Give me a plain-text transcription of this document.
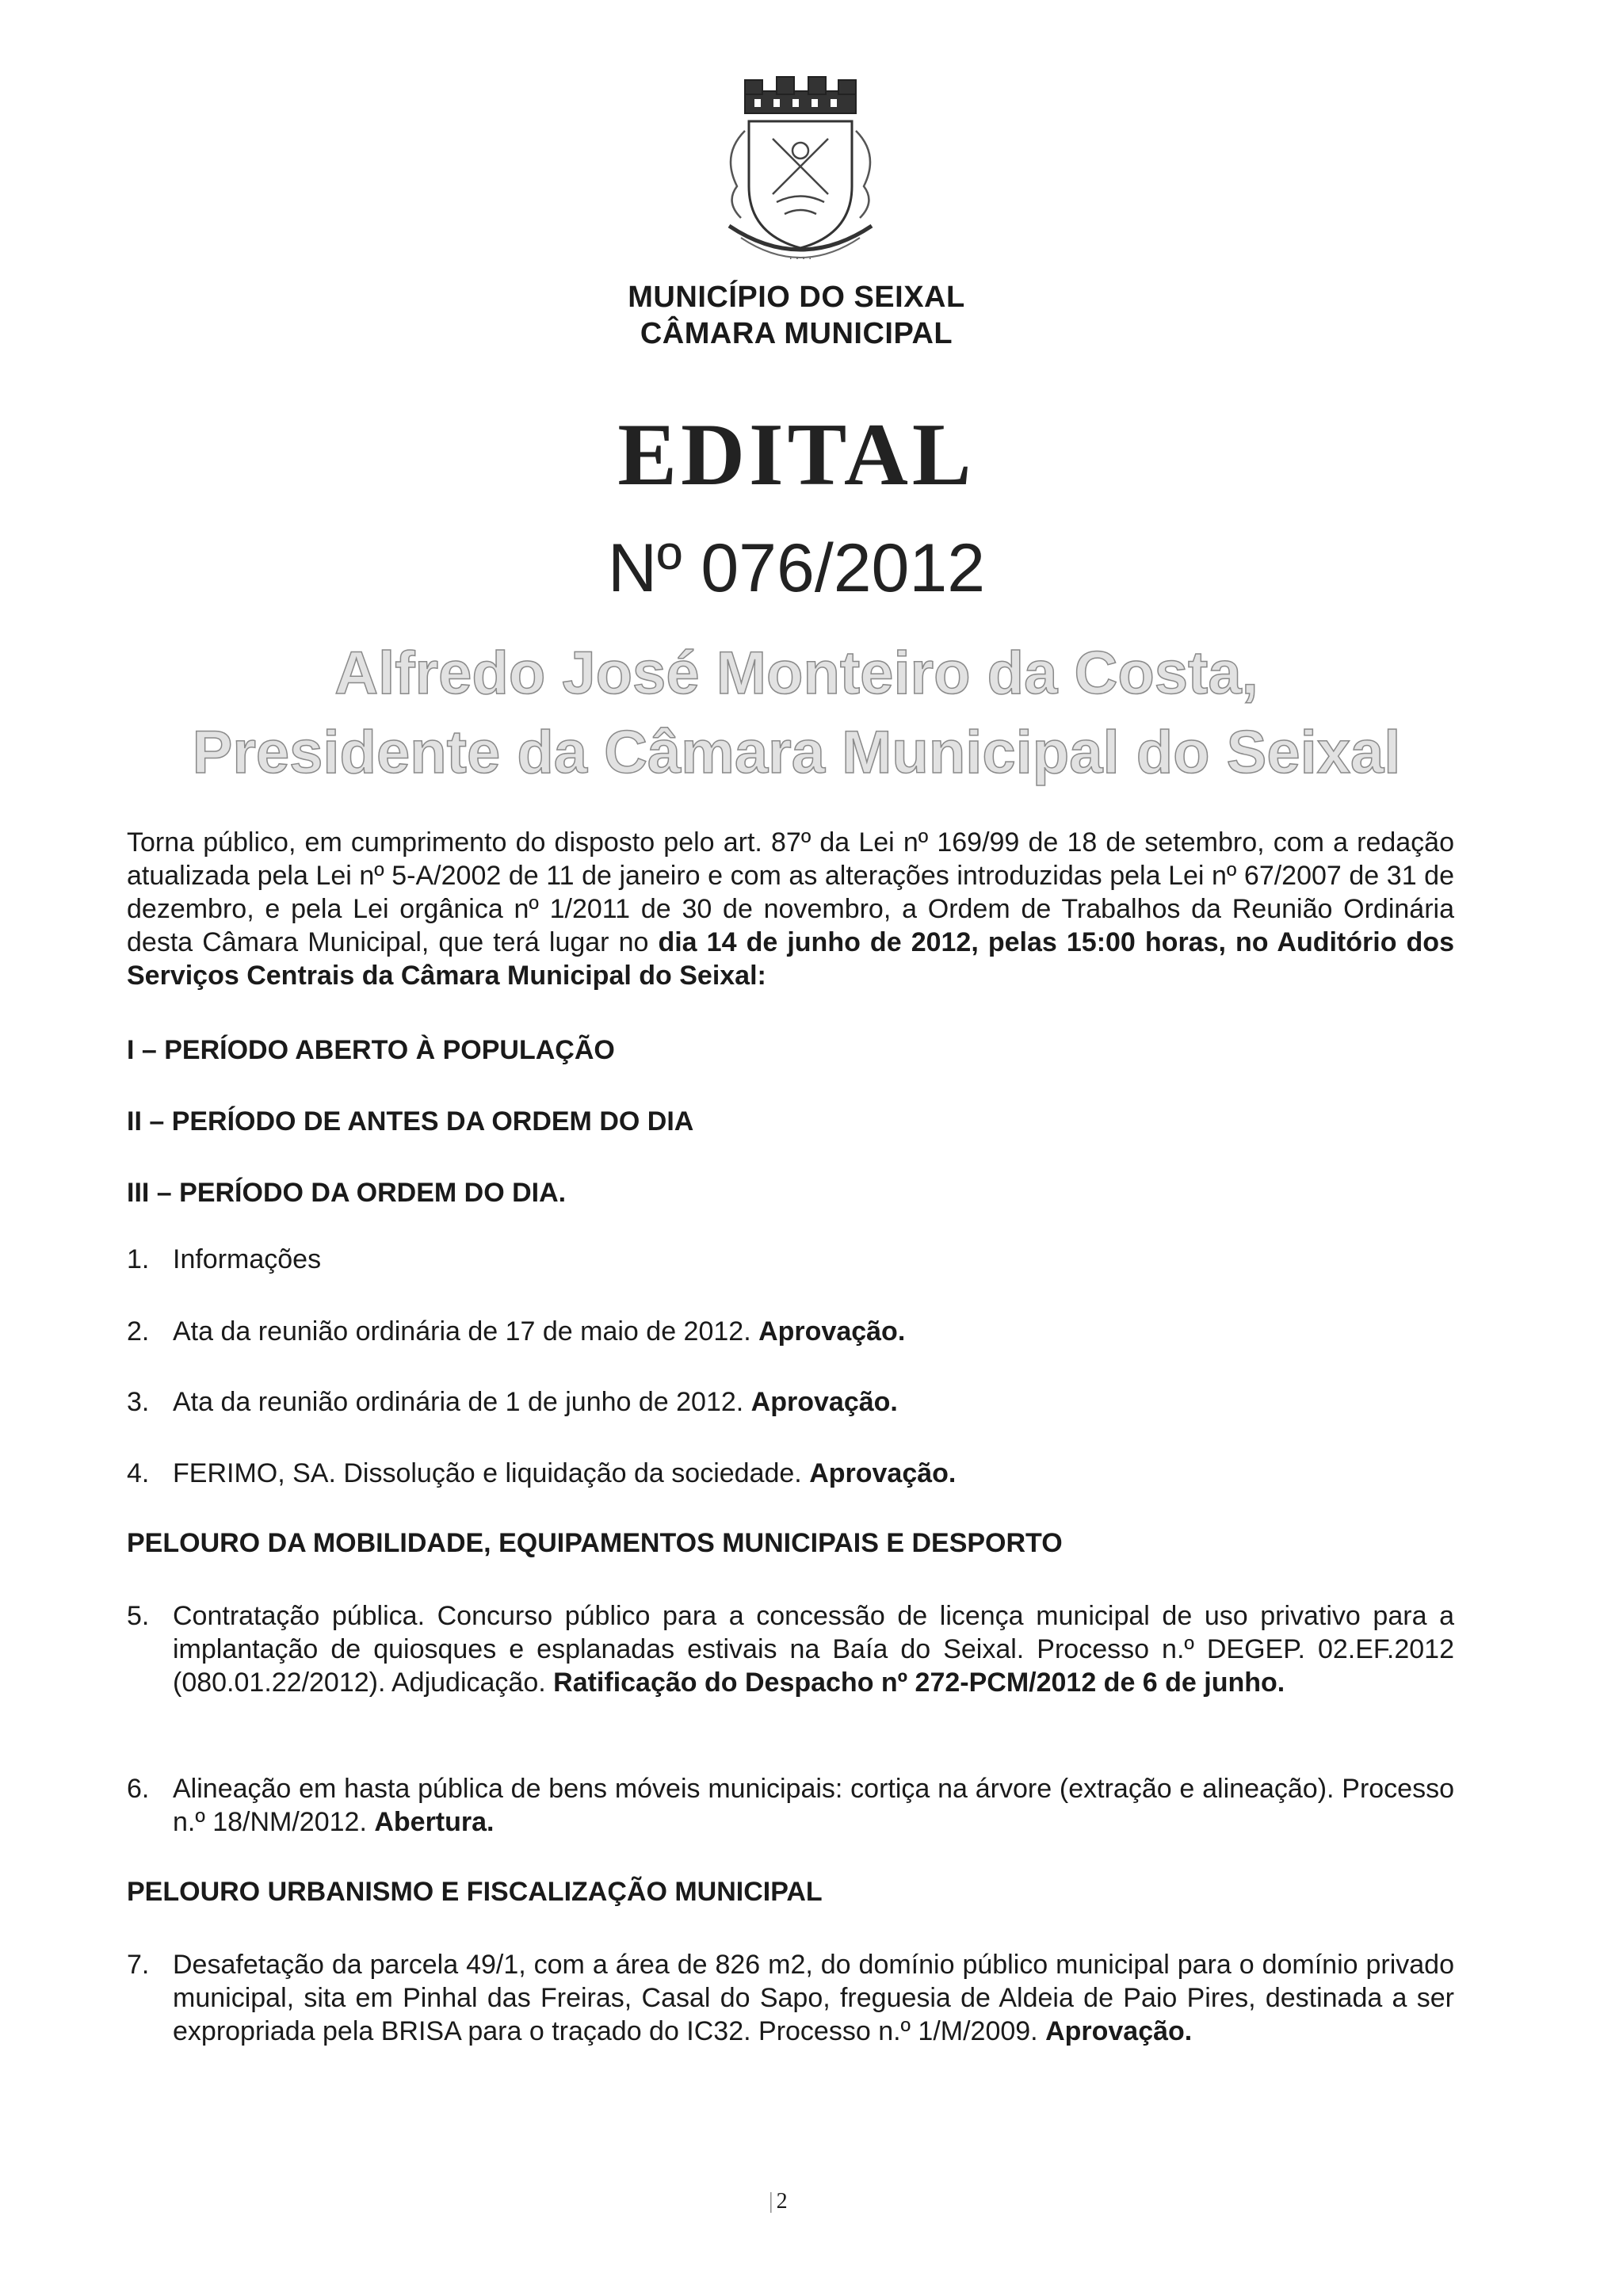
· · · ·
MUNICÍPIO DO SEIXAL
CÂMARA MUNICIPAL
EDITAL
Nº 076/2012
Alfredo José Monteiro da Costa,
Presidente da Câmara Municipal do Seixal
Torna público, em cumprimento do disposto pelo art. 87º da Lei nº 169/99 de 18 de setembro, com a redação atualizada pela Lei nº 5-A/2002 de 11 de janeiro e com as alterações introduzidas pela Lei nº 67/2007 de 31 de dezembro, e pela Lei orgânica nº 1/2011 de 30 de novembro, a Ordem de Trabalhos da Reunião Ordinária desta Câmara Municipal, que terá lugar no dia 14 de junho de 2012, pelas 15:00 horas, no Auditório dos Serviços Centrais da Câmara Municipal do Seixal:
I – PERÍODO ABERTO À POPULAÇÃO
II – PERÍODO DE ANTES DA ORDEM DO DIA
III – PERÍODO DA ORDEM DO DIA.
1. Informações
2. Ata da reunião ordinária de 17 de maio de 2012. Aprovação.
3. Ata da reunião ordinária de 1 de junho de 2012. Aprovação.
4. FERIMO, SA. Dissolução e liquidação da sociedade. Aprovação.
PELOURO DA MOBILIDADE, EQUIPAMENTOS MUNICIPAIS E DESPORTO
5. Contratação pública. Concurso público para a concessão de licença municipal de uso privativo para a implantação de quiosques e esplanadas estivais na Baía do Seixal. Processo n.º DEGEP. 02.EF.2012 (080.01.22/2012). Adjudicação. Ratificação do Despacho nº 272-PCM/2012 de 6 de junho.
6. Alineação em hasta pública de bens móveis municipais: cortiça na árvore (extração e alineação). Processo n.º 18/NM/2012. Abertura.
PELOURO URBANISMO E FISCALIZAÇÃO MUNICIPAL
7. Desafetação da parcela 49/1, com a área de 826 m2, do domínio público municipal para o domínio privado municipal, sita em Pinhal das Freiras, Casal do Sapo, freguesia de Aldeia de Paio Pires, destinada a ser expropriada pela BRISA para o traçado do IC32. Processo n.º 1/M/2009. Aprovação.
| 2
